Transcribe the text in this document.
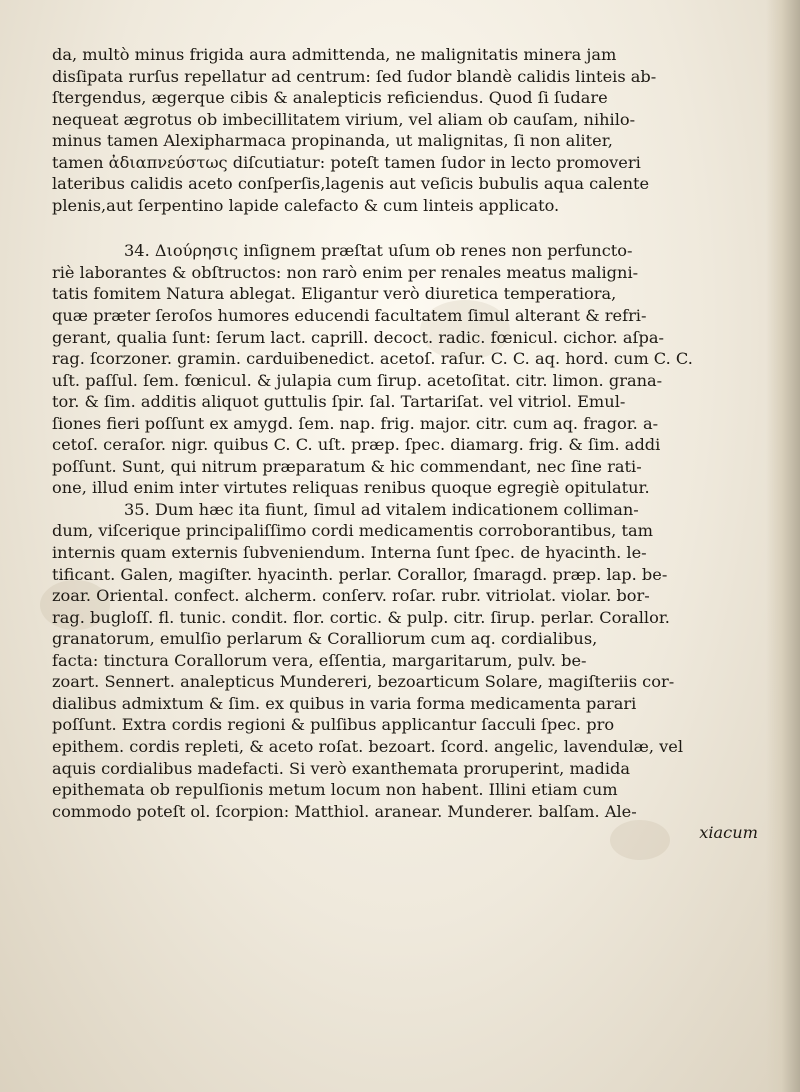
da, multò minus frigida aura admittenda, ne malignitatis minera jam
disſipata rurſus repellatur ad centrum: ſed ſudor blandè calidis linteis ab-
ſtergendus, ægerque cibis & analepticis reficiendus. Quod ſi ſudare
nequeat ægrotus ob imbecillitatem virium, vel aliam ob cauſam, nihilo-
minus tamen Alexipharmaca propinanda, ut malignitas, ſi non aliter,
tamen ἀδιαπνεύστως diſcutiatur: poteſt tamen ſudor in lecto promoveri
lateribus calidis aceto conſperſis,lagenis aut veſicis bubulis aqua calente
plenis,aut ſerpentino lapide calefacto & cum linteis applicato.

34. Διούρησις inſignem præſtat uſum ob renes non perfunctо-
riè laborantes & obſtructos: non rarò enim per renales meatus maligni-
tatis fomitem Natura ablegat. Eligantur verò diuretica temperatiora,
quæ præter ſeroſos humores educendi facultatem ſimul alterant & refri-
gerant, qualia ſunt: ſerum lact. caprill. decoct. radic. fœnicul. cichor. aſpa-
rag. ſcorzoner. gramin. carduibenedict. acetoſ. raſur. C. C. aq. hord. cum C. C.
uſt. paſſul. ſem. fœnicul. & julapia cum ſirup. acetoſitat. citr. limon. grana-
tor. & ſim. additis aliquot guttulis ſpir. ſal. Tartariſat. vel vitriol. Emul-
ſiones fieri poſſunt ex amygd. ſem. nap. frig. major. citr. cum aq. fragor. a-
cetoſ. ceraſor. nigr. quibus C. C. uſt. præp. ſpec. diamarg. frig. & ſim. addi
poſſunt. Sunt, qui nitrum præparatum & hic commendant, nec ſine rati-
one, illud enim inter virtutes reliquas renibus quoque egregiè opitulatur.

35. Dum hæc ita fiunt, ſimul ad vitalem indicationem colliman-
dum, viſcerique principaliſſimo cordi medicamentis corroborantibus, tam
internis quam externis ſubveniendum. Interna ſunt ſpec. de hyacinth. le-
tificant. Galen, magiſter. hyacinth. perlar. Corallor, ſmaragd. præp. lap. be-
zoar. Oriental. confect. alcherm. conſerv. roſar. rubr. vitriolat. violar. bor-
rag. bugloſſ. fl. tunic. condit. flor. cortic. & pulp. citr. ſirup. perlar. Corallor.
granatorum, emulſio perlarum & Coralliorum cum aq. cordialibus,
facta: tinctura Corallorum vera, eſſentia, margaritarum, pulv. be-
zoart. Sennert. analepticus Mundereri, bezoarticum Solare, magiſteriis cor-
dialibus admixtum & ſim. ex quibus in varia forma medicamenta parari
poſſunt. Extra cordis regioni & pulſibus applicantur ſacculi ſpec. pro
epithem. cordis repleti, & aceto roſat. bezoart. ſcord. angelic, lavendulæ, vel
aquis cordialibus madefacti. Si verò exanthemata proruperint, madida
epithemata ob repulſionis metum locum non habent. Illini etiam cum
commodo poteſt ol. ſcorpion: Matthiol. aranear. Munderer. balſam. Ale-

xiacum
